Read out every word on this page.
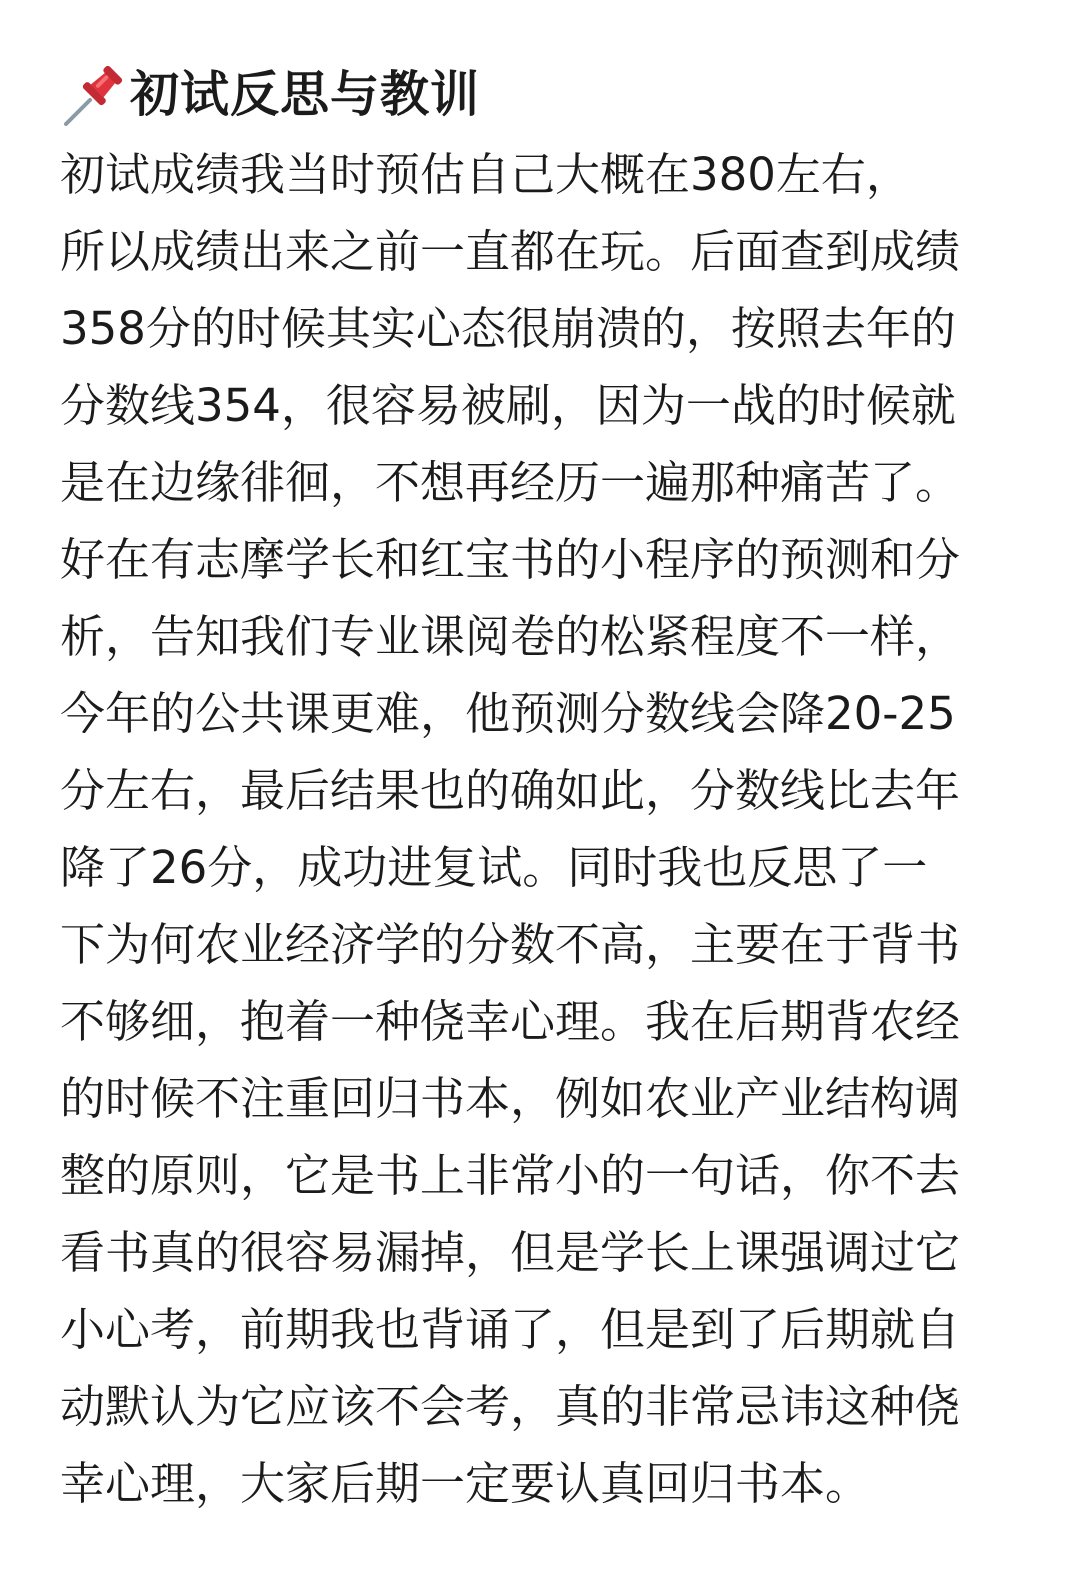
初试反思与教训
初试成绩我当时预估自己大概在380左右，
所以成绩出来之前一直都在玩。后面查到成绩
358分的时候其实心态很崩溃的，按照去年的
分数线354，很容易被刷，因为一战的时候就
是在边缘徘徊，不想再经历一遍那种痛苦了。
好在有志摩学长和红宝书的小程序的预测和分
析，告知我们专业课阅卷的松紧程度不一样，
今年的公共课更难，他预测分数线会降20-25
分左右，最后结果也的确如此，分数线比去年
降了26分，成功进复试。同时我也反思了一
下为何农业经济学的分数不高，主要在于背书
不够细，抱着一种侥幸心理。我在后期背农经
的时候不注重回归书本，例如农业产业结构调
整的原则，它是书上非常小的一句话，你不去
看书真的很容易漏掉，但是学长上课强调过它
小心考，前期我也背诵了，但是到了后期就自
动默认为它应该不会考，真的非常忌讳这种侥
幸心理，大家后期一定要认真回归书本。
